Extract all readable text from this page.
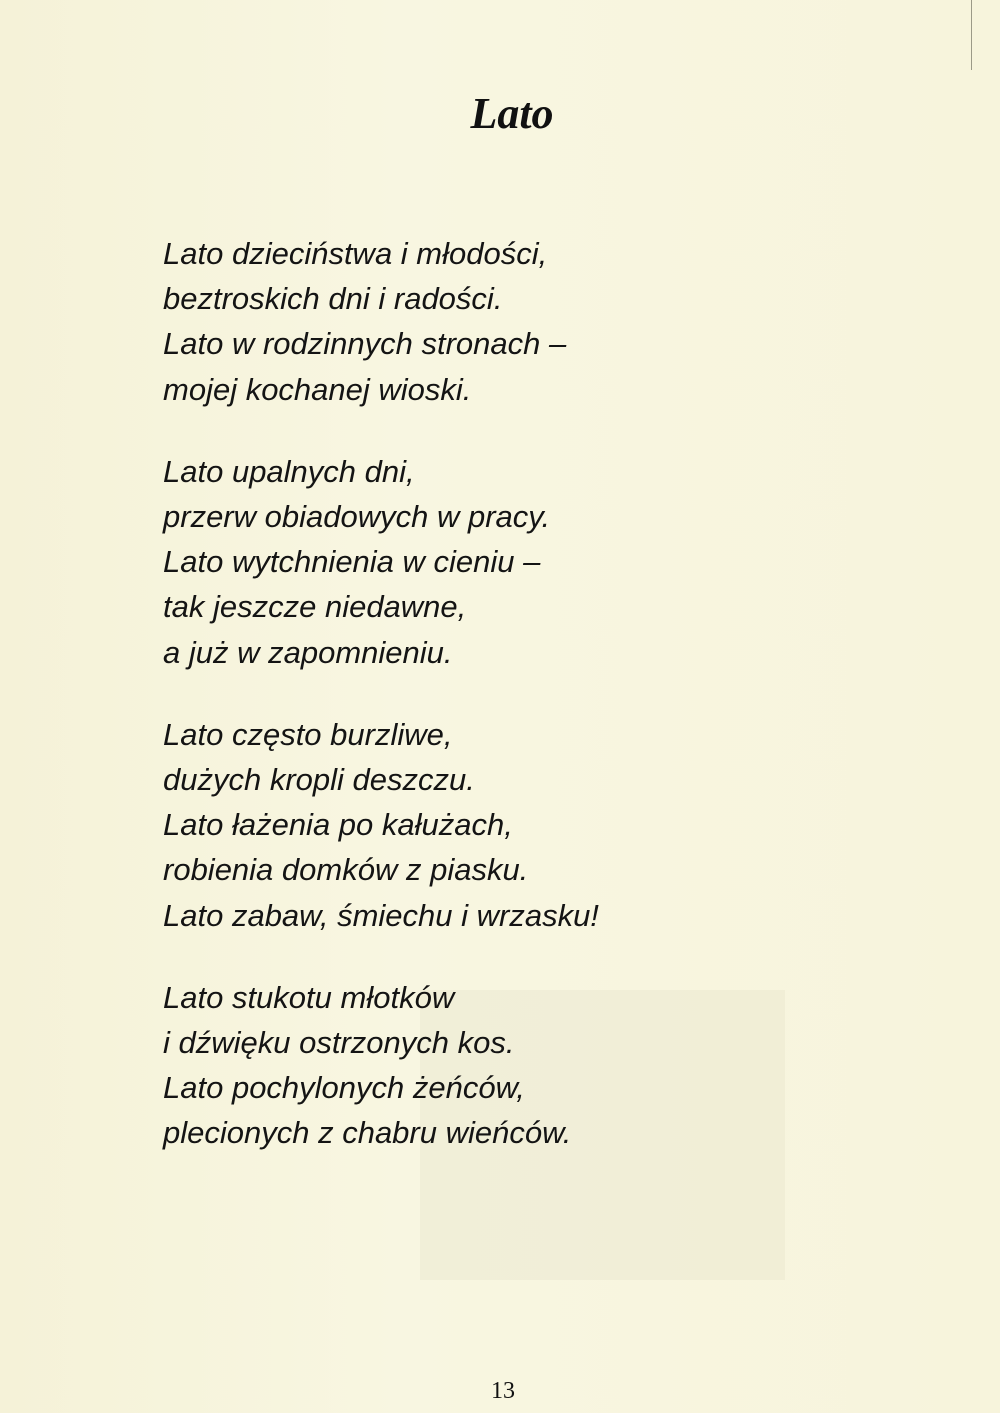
Lato

Lato dzieciństwa i młodości,
beztroskich dni i radości.
Lato w rodzinnych stronach –
mojej kochanej wioski.

Lato upalnych dni,
przerw obiadowych w pracy.
Lato wytchnienia w cieniu –
tak jeszcze niedawne,
a już w zapomnieniu.

Lato często burzliwe,
dużych kropli deszczu.
Lato łażenia po kałużach,
robienia domków z piasku.
Lato zabaw, śmiechu i wrzasku!

Lato stukotu młotków
i dźwięku ostrzonych kos.
Lato pochylonych żeńców,
plecionych z chabru wieńców.

13
